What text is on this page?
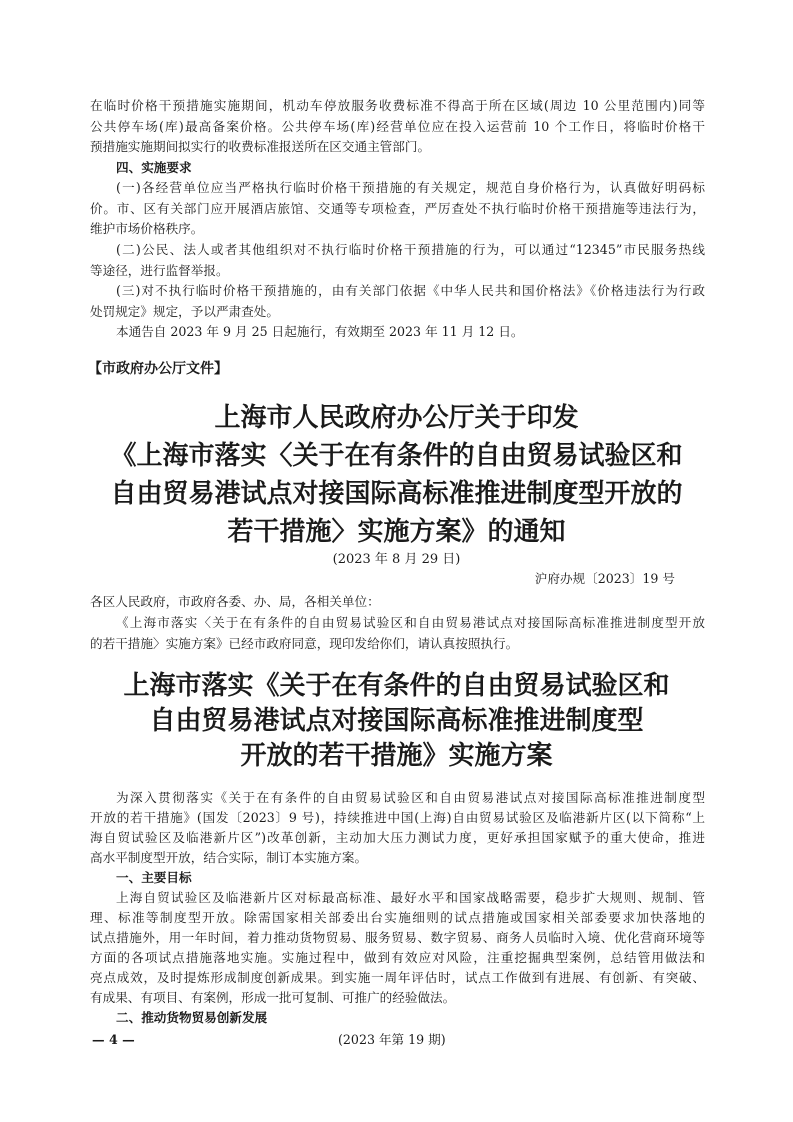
在临时价格干预措施实施期间，机动车停放服务收费标准不得高于所在区域(周边 10 公里范围内)同等
公共停车场(库)最高备案价格。公共停车场(库)经营单位应在投入运营前 10 个工作日，将临时价格干
预措施实施期间拟实行的收费标准报送所在区交通主管部门。
四、实施要求
(一)各经营单位应当严格执行临时价格干预措施的有关规定，规范自身价格行为，认真做好明码标
价。市、区有关部门应开展酒店旅馆、交通等专项检查，严厉查处不执行临时价格干预措施等违法行为，
维护市场价格秩序。
(二)公民、法人或者其他组织对不执行临时价格干预措施的行为，可以通过“12345”市民服务热线
等途径，进行监督举报。
(三)对不执行临时价格干预措施的，由有关部门依据《中华人民共和国价格法》《价格违法行为行政
处罚规定》规定，予以严肃查处。
本通告自 2023 年 9 月 25 日起施行，有效期至 2023 年 11 月 12 日。
【市政府办公厅文件】
上海市人民政府办公厅关于印发
《上海市落实〈关于在有条件的自由贸易试验区和
自由贸易港试点对接国际高标准推进制度型开放的
若干措施〉实施方案》的通知
(2023 年 8 月 29 日)
沪府办规〔2023〕19 号
各区人民政府，市政府各委、办、局，各相关单位：
《上海市落实〈关于在有条件的自由贸易试验区和自由贸易港试点对接国际高标准推进制度型开放
的若干措施〉实施方案》已经市政府同意，现印发给你们，请认真按照执行。
上海市落实《关于在有条件的自由贸易试验区和
自由贸易港试点对接国际高标准推进制度型
开放的若干措施》实施方案
为深入贯彻落实《关于在有条件的自由贸易试验区和自由贸易港试点对接国际高标准推进制度型
开放的若干措施》(国发〔2023〕9 号)，持续推进中国(上海)自由贸易试验区及临港新片区(以下简称“上
海自贸试验区及临港新片区”)改革创新，主动加大压力测试力度，更好承担国家赋予的重大使命，推进
高水平制度型开放，结合实际，制订本实施方案。
一、主要目标
上海自贸试验区及临港新片区对标最高标准、最好水平和国家战略需要，稳步扩大规则、规制、管
理、标准等制度型开放。除需国家相关部委出台实施细则的试点措施或国家相关部委要求加快落地的
试点措施外，用一年时间，着力推动货物贸易、服务贸易、数字贸易、商务人员临时入境、优化营商环境等
方面的各项试点措施落地实施。实施过程中，做到有效应对风险，注重挖掘典型案例，总结管用做法和
亮点成效，及时提炼形成制度创新成果。到实施一周年评估时，试点工作做到有进展、有创新、有突破、
有成果、有项目、有案例，形成一批可复制、可推广的经验做法。
二、推动货物贸易创新发展
— 4 —	(2023 年第 19 期)
